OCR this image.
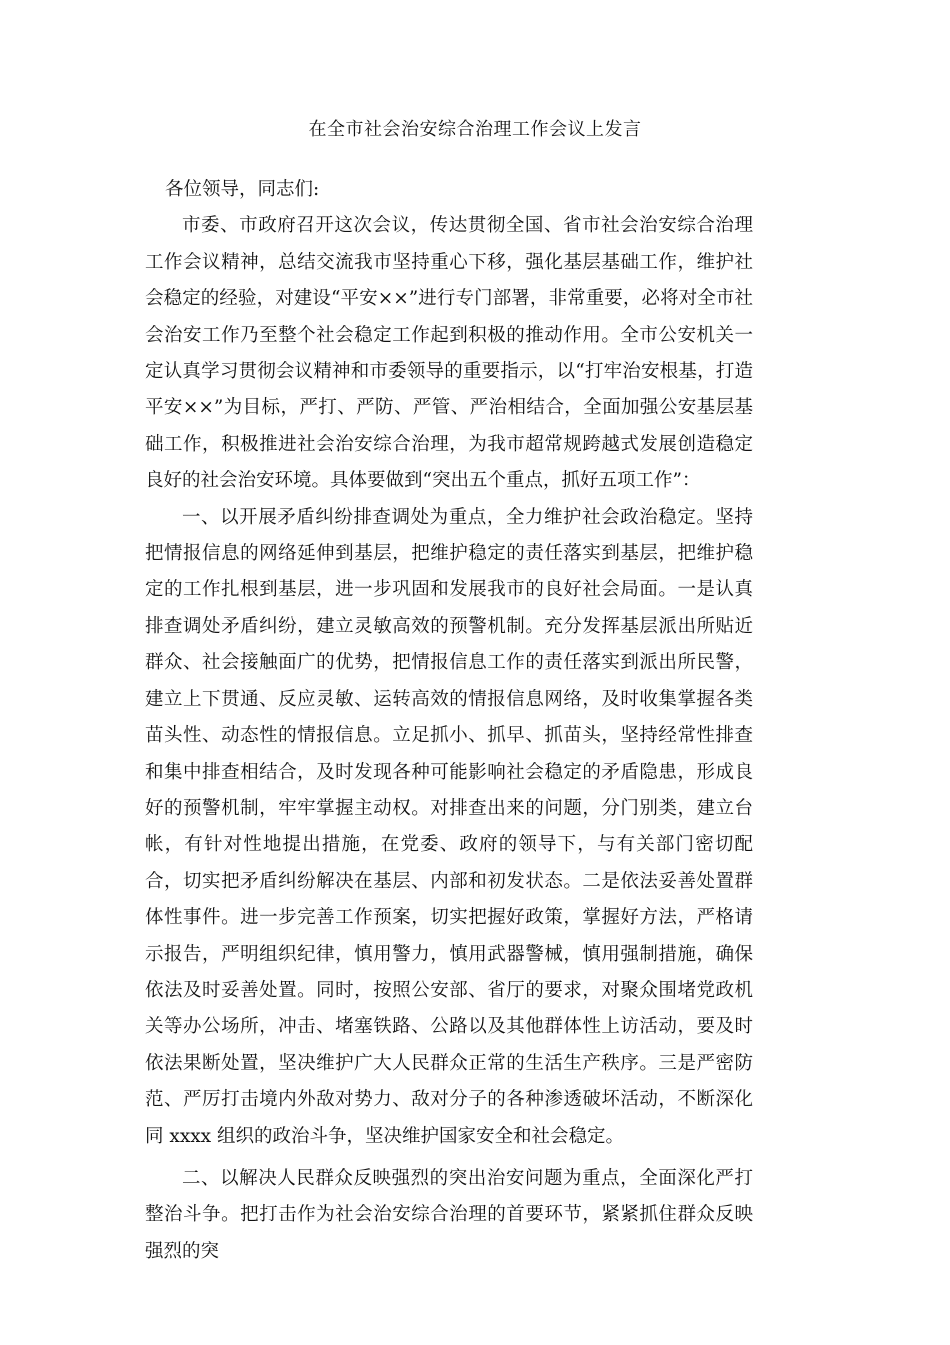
在全市社会治安综合治理工作会议上发言

各位领导，同志们:

市委、市政府召开这次会议，传达贯彻全国、省市社会治安综合治理工作会议精神，总结交流我市坚持重心下移，强化基层基础工作，维护社会稳定的经验，对建设“平安××”进行专门部署，非常重要，必将对全市社会治安工作乃至整个社会稳定工作起到积极的推动作用。全市公安机关一定认真学习贯彻会议精神和市委领导的重要指示，以“打牢治安根基，打造平安××”为目标，严打、严防、严管、严治相结合，全面加强公安基层基础工作，积极推进社会治安综合治理，为我市超常规跨越式发展创造稳定良好的社会治安环境。具体要做到“突出五个重点，抓好五项工作”：

一、以开展矛盾纠纷排查调处为重点，全力维护社会政治稳定。坚持把情报信息的网络延伸到基层，把维护稳定的责任落实到基层，把维护稳定的工作扎根到基层，进一步巩固和发展我市的良好社会局面。一是认真排查调处矛盾纠纷，建立灵敏高效的预警机制。充分发挥基层派出所贴近群众、社会接触面广的优势，把情报信息工作的责任落实到派出所民警，建立上下贯通、反应灵敏、运转高效的情报信息网络，及时收集掌握各类苗头性、动态性的情报信息。立足抓小、抓早、抓苗头，坚持经常性排查和集中排查相结合，及时发现各种可能影响社会稳定的矛盾隐患，形成良好的预警机制，牢牢掌握主动权。对排查出来的问题，分门别类，建立台帐，有针对性地提出措施，在党委、政府的领导下，与有关部门密切配合，切实把矛盾纠纷解决在基层、内部和初发状态。二是依法妥善处置群体性事件。进一步完善工作预案，切实把握好政策，掌握好方法，严格请示报告，严明组织纪律，慎用警力，慎用武器警械，慎用强制措施，确保依法及时妥善处置。同时，按照公安部、省厅的要求，对聚众围堵党政机关等办公场所，冲击、堵塞铁路、公路以及其他群体性上访活动，要及时依法果断处置，坚决维护广大人民群众正常的生活生产秩序。三是严密防范、严厉打击境内外敌对势力、敌对分子的各种渗透破坏活动，不断深化同 xxxx 组织的政治斗争，坚决维护国家安全和社会稳定。

二、以解决人民群众反映强烈的突出治安问题为重点，全面深化严打整治斗争。把打击作为社会治安综合治理的首要环节，紧紧抓住群众反映强烈的突
